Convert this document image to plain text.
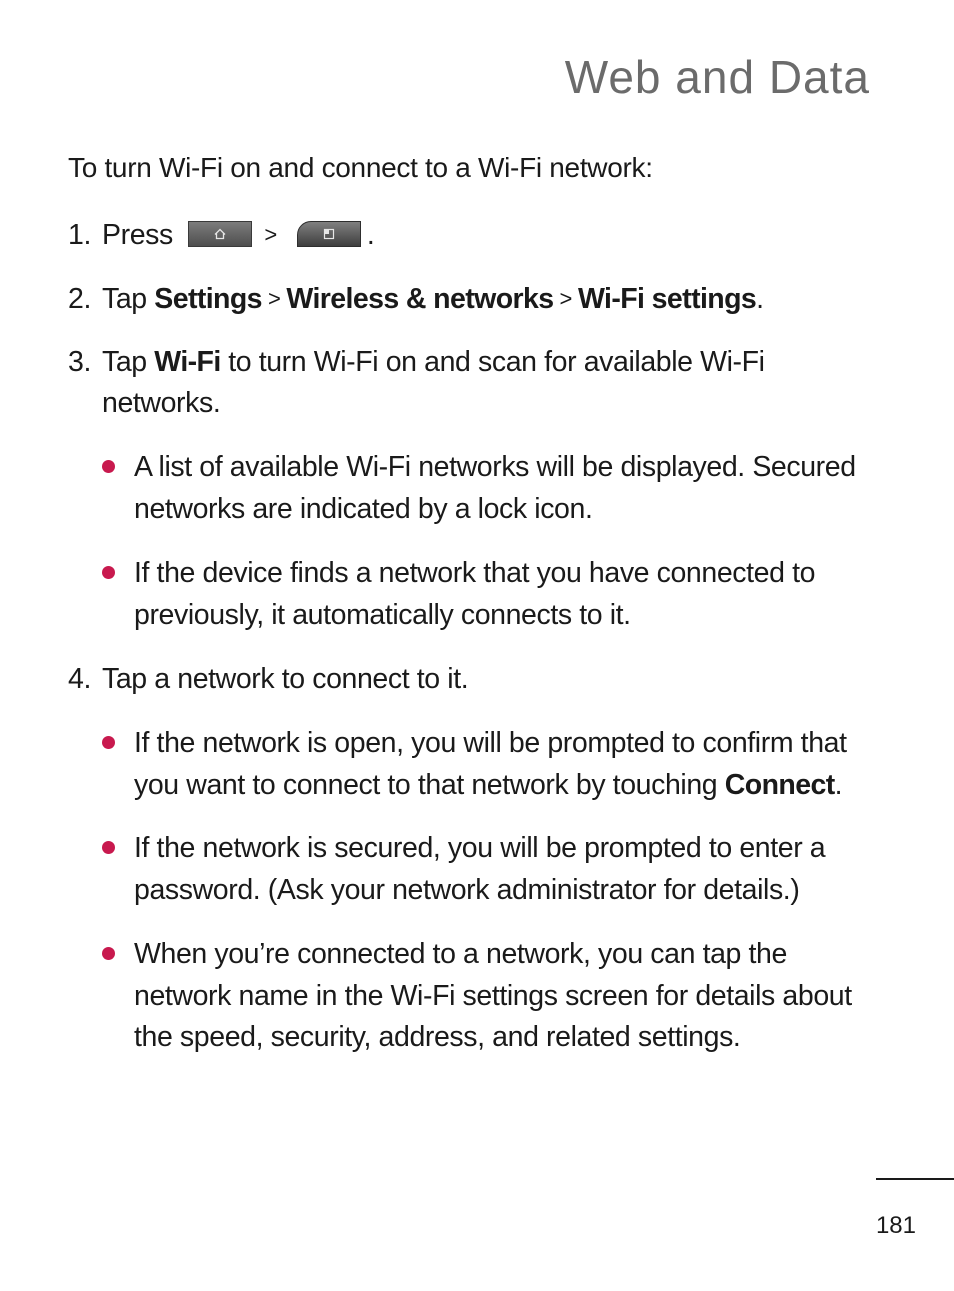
Web and Data
To turn Wi-Fi on and connect to a Wi-Fi network:
1. Press	>	.
2. Tap Settings > Wireless & networks > Wi-Fi settings.
3. Tap Wi-Fi to turn Wi-Fi on and scan for available Wi-Fi
networks.
A list of available Wi-Fi networks will be displayed. Secured
networks are indicated by a lock icon.
If the device finds a network that you have connected to
previously, it automatically connects to it.
4. Tap a network to connect to it.
If the network is open, you will be prompted to confirm that
you want to connect to that network by touching Connect.
If the network is secured, you will be prompted to enter a
password. (Ask your network administrator for details.)
When you’re connected to a network, you can tap the
network name in the Wi-Fi settings screen for details about
the speed, security, address, and related settings.
181
